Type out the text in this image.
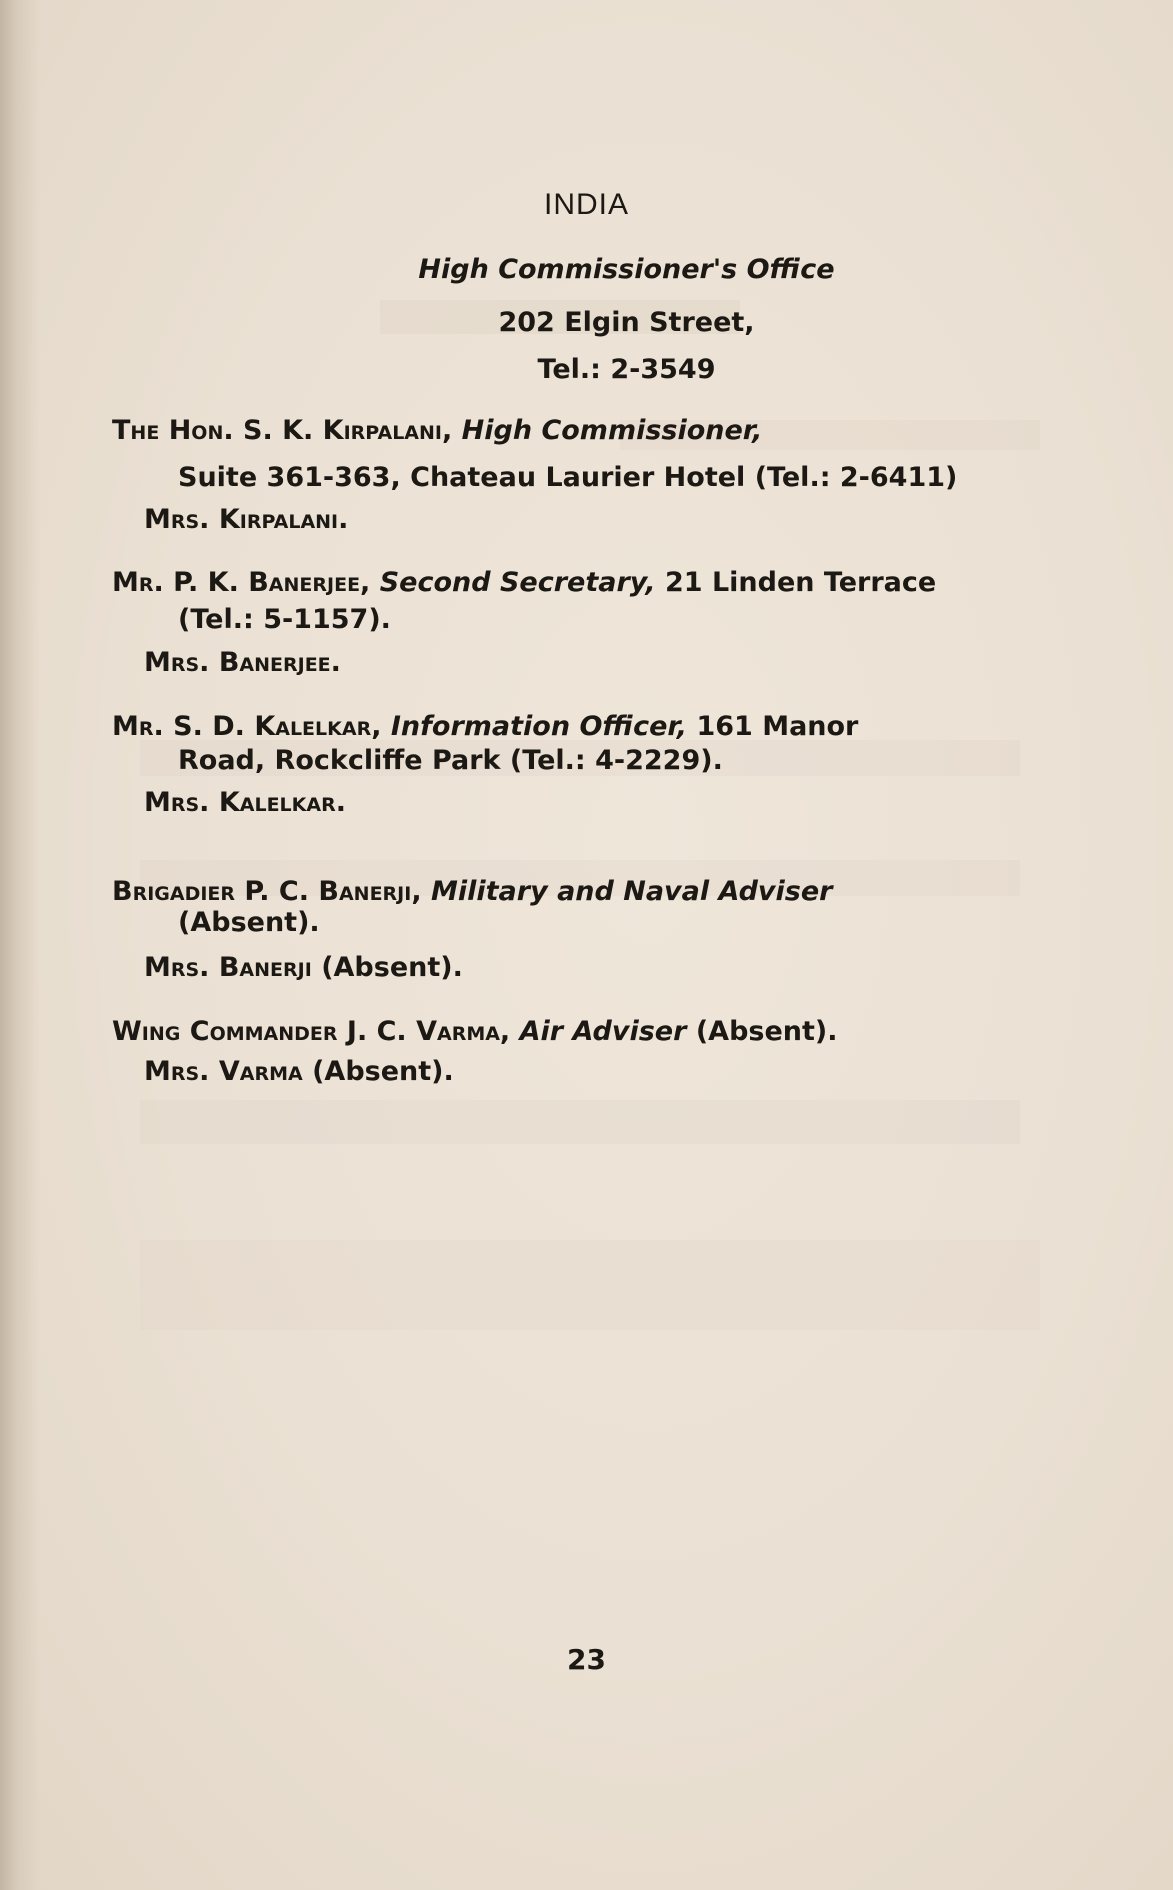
INDIA
High Commissioner's Office
202 Elgin Street,
Tel.: 2-3549
The Hon. S. K. Kirpalani, High Commissioner,
Suite 361-363, Chateau Laurier Hotel (Tel.: 2-6411)
Mrs. Kirpalani.
Mr. P. K. Banerjee, Second Secretary, 21 Linden Terrace
(Tel.: 5-1157).
Mrs. Banerjee.
Mr. S. D. Kalelkar, Information Officer, 161 Manor
Road, Rockcliffe Park (Tel.: 4-2229).
Mrs. Kalelkar.
Brigadier P. C. Banerji, Military and Naval Adviser
(Absent).
Mrs. Banerji (Absent).
Wing Commander J. C. Varma, Air Adviser (Absent).
Mrs. Varma (Absent).
23
